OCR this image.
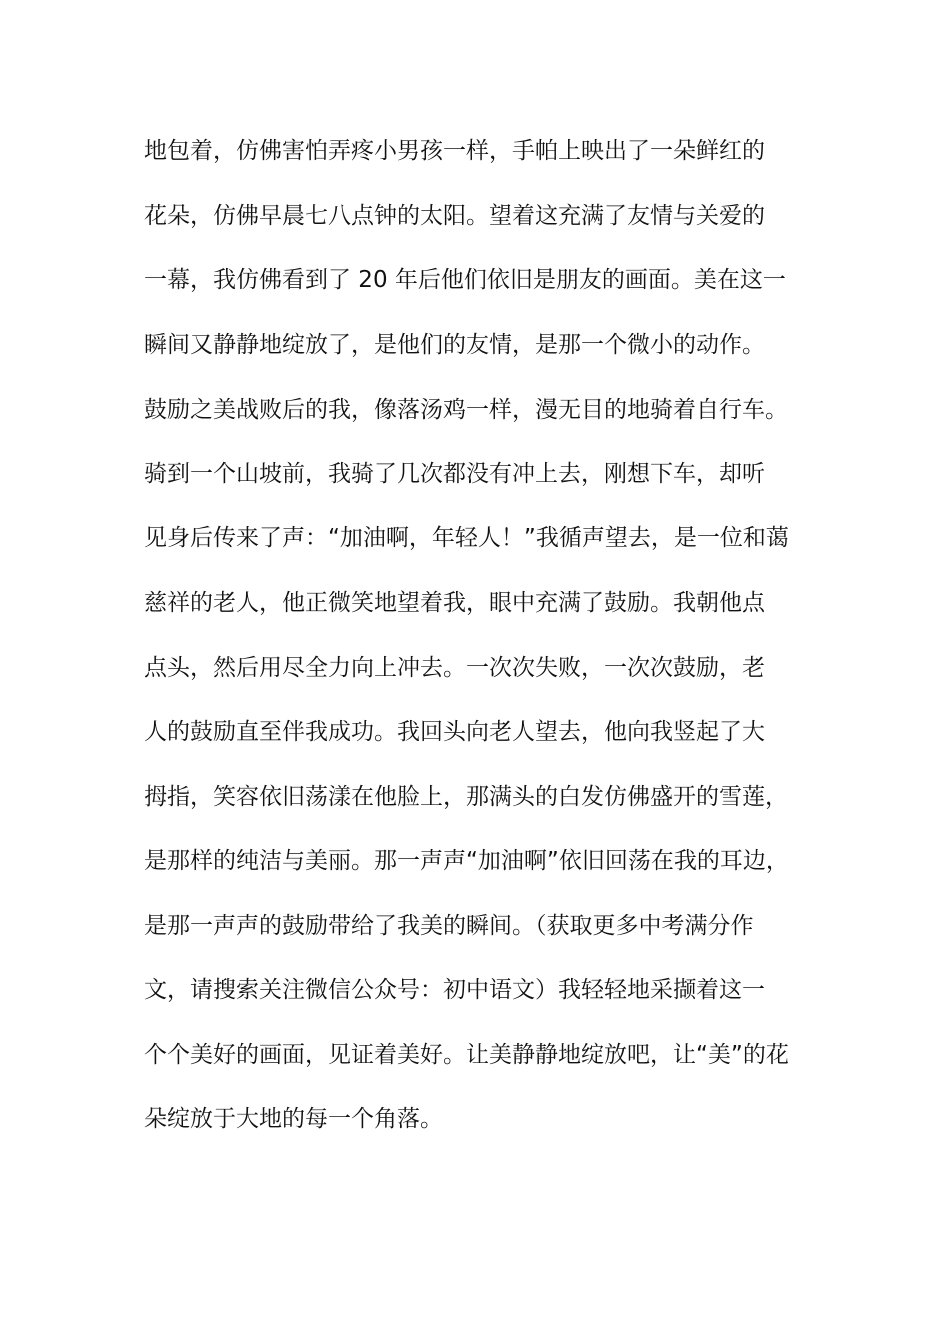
地包着，仿佛害怕弄疼小男孩一样，手帕上映出了一朵鲜红的
花朵，仿佛早晨七八点钟的太阳。望着这充满了友情与关爱的
一幕，我仿佛看到了 20 年后他们依旧是朋友的画面。美在这一
瞬间又静静地绽放了，是他们的友情，是那一个微小的动作。
鼓励之美战败后的我，像落汤鸡一样，漫无目的地骑着自行车。
骑到一个山坡前，我骑了几次都没有冲上去，刚想下车，却听
见身后传来了声：“加油啊，年轻人！”我循声望去，是一位和蔼
慈祥的老人，他正微笑地望着我，眼中充满了鼓励。我朝他点
点头，然后用尽全力向上冲去。一次次失败，一次次鼓励，老
人的鼓励直至伴我成功。我回头向老人望去，他向我竖起了大
拇指，笑容依旧荡漾在他脸上，那满头的白发仿佛盛开的雪莲，
是那样的纯洁与美丽。那一声声“加油啊”依旧回荡在我的耳边，
是那一声声的鼓励带给了我美的瞬间。（获取更多中考满分作
文，请搜索关注微信公众号：初中语文）我轻轻地采撷着这一
个个美好的画面，见证着美好。让美静静地绽放吧，让“美”的花
朵绽放于大地的每一个角落。
